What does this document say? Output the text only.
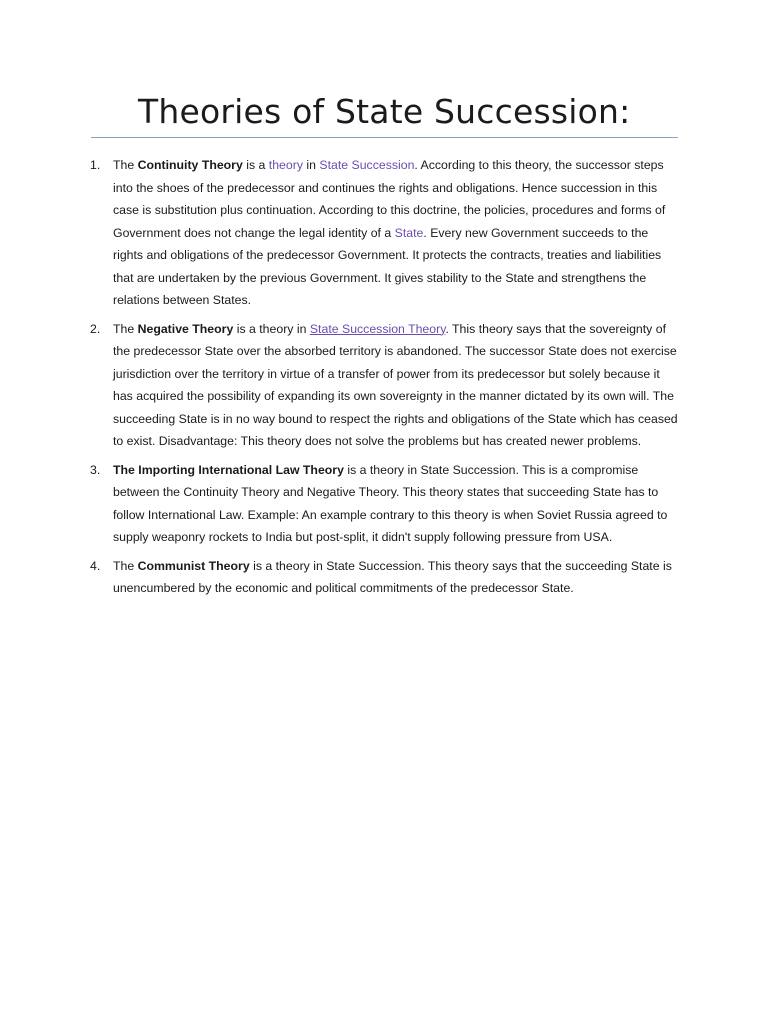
Theories of State Succession:
1. The Continuity Theory is a theory in State Succession. According to this theory, the successor steps into the shoes of the predecessor and continues the rights and obligations. Hence succession in this case is substitution plus continuation. According to this doctrine, the policies, procedures and forms of Government does not change the legal identity of a State. Every new Government succeeds to the rights and obligations of the predecessor Government. It protects the contracts, treaties and liabilities that are undertaken by the previous Government. It gives stability to the State and strengthens the relations between States.

2. The Negative Theory is a theory in State Succession Theory. This theory says that the sovereignty of the predecessor State over the absorbed territory is abandoned. The successor State does not exercise jurisdiction over the territory in virtue of a transfer of power from its predecessor but solely because it has acquired the possibility of expanding its own sovereignty in the manner dictated by its own will. The succeeding State is in no way bound to respect the rights and obligations of the State which has ceased to exist. Disadvantage: This theory does not solve the problems but has created newer problems.

3. The Importing International Law Theory is a theory in State Succession. This is a compromise between the Continuity Theory and Negative Theory. This theory states that succeeding State has to follow International Law. Example: An example contrary to this theory is when Soviet Russia agreed to supply weaponry rockets to India but post-split, it didn't supply following pressure from USA.

4. The Communist Theory is a theory in State Succession. This theory says that the succeeding State is unencumbered by the economic and political commitments of the predecessor State.
